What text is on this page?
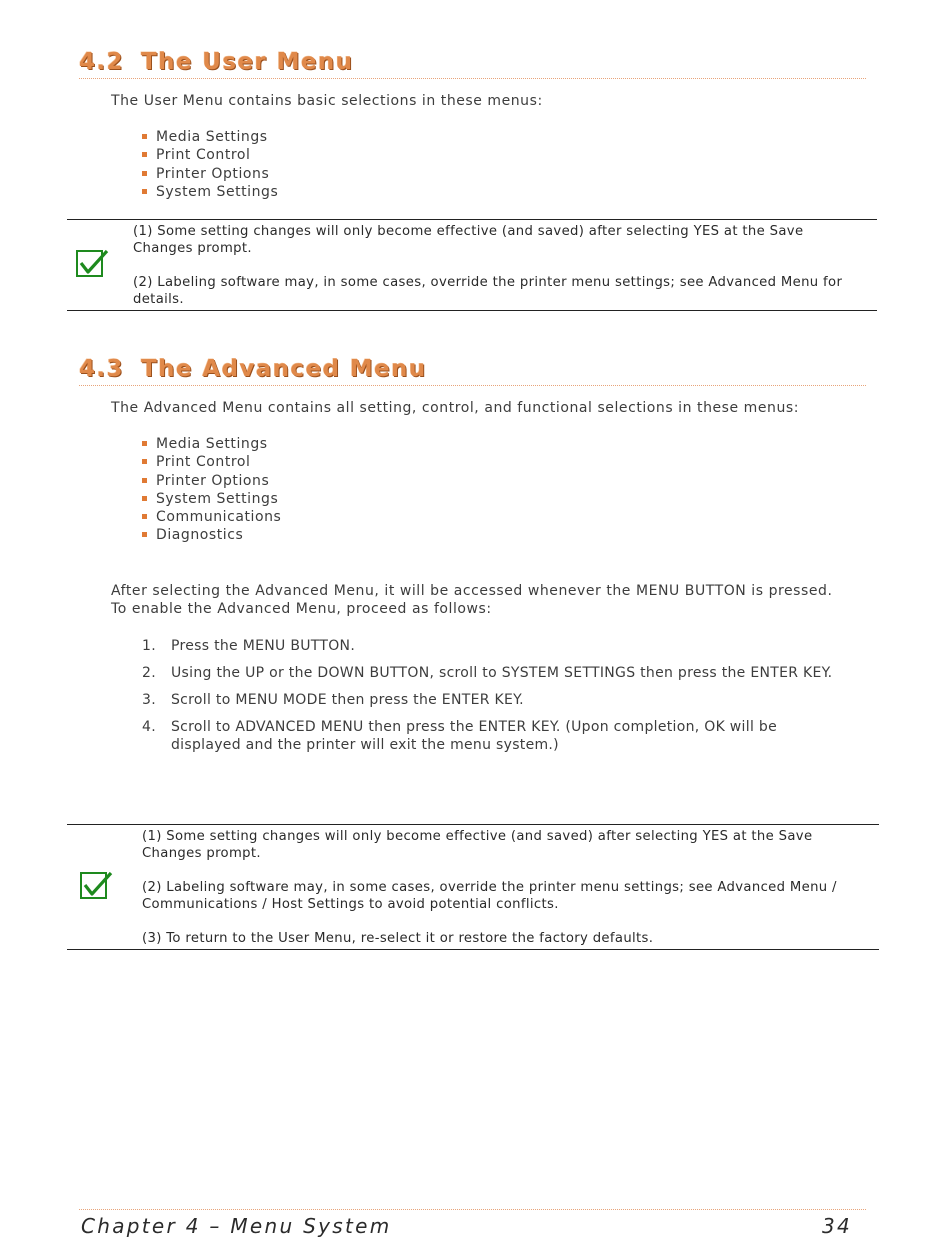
4.2 The User Menu
The User Menu contains basic selections in these menus:
Media Settings
Print Control
Printer Options
System Settings

(1) Some setting changes will only become effective (and saved) after selecting YES at the Save Changes prompt.

(2) Labeling software may, in some cases, override the printer menu settings; see Advanced Menu for details.

4.3 The Advanced Menu
The Advanced Menu contains all setting, control, and functional selections in these menus:
Media Settings
Print Control
Printer Options
System Settings
Communications
Diagnostics
After selecting the Advanced Menu, it will be accessed whenever the MENU BUTTON is pressed.
To enable the Advanced Menu, proceed as follows:
1. Press the MENU BUTTON.
2. Using the UP or the DOWN BUTTON, scroll to SYSTEM SETTINGS then press the ENTER KEY.
3. Scroll to MENU MODE then press the ENTER KEY.
4. Scroll to ADVANCED MENU then press the ENTER KEY. (Upon completion, OK will be displayed and the printer will exit the menu system.)

(1) Some setting changes will only become effective (and saved) after selecting YES at the Save Changes prompt.

(2) Labeling software may, in some cases, override the printer menu settings; see Advanced Menu / Communications / Host Settings to avoid potential conflicts.

(3) To return to the User Menu, re-select it or restore the factory defaults.

Chapter 4 – Menu System	34
